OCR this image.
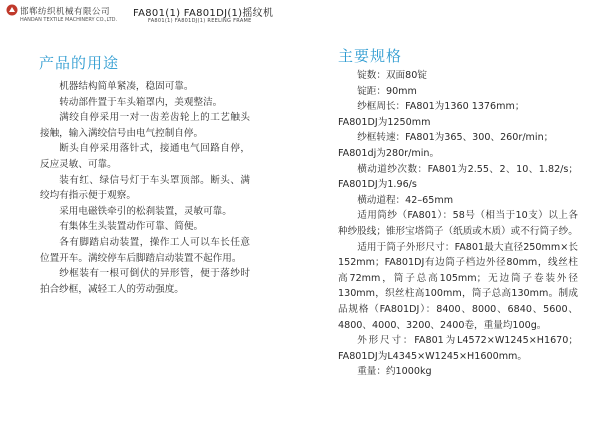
邯郸纺织机械有限公司
HANDAN TEXTILE MACHINERY CO.,LTD.
FA801(1) FA801DJ(1)摇纹机
FA801(1) FA801DJ(1) REELING FRAME
产品的用途

机器结构简单紧凑，稳固可靠。

转动部件置于车头箱罩内，美观整洁。

满绞自停采用一对一齿差齿轮上的工艺触头接触，输入满绞信号由电气控制自停。

断头自停采用落针式，接通电气回路自停，反应灵敏、可靠。

装有红、绿信号灯于车头罩顶部。断头、满绞均有指示便于观察。

采用电磁铁牵引的松刹装置，灵敏可靠。

有集体生头装置动作可靠、简便。

各有脚踏启动装置，操作工人可以车长任意位置开车。满绞停车后脚踏启动装置不起作用。

纱框装有一根可倒伏的异形管，便于落纱时拍合纱框，减轻工人的劳动强度。

主要规格

锭数：双面80锭

锭距：90mm

纱框周长：FA801为1360 1376mm；

FA801DJ为1250mm

纱框转速：FA801为365、300、260r/min；

FA801dj为280r/min。

横动道纱次数：FA801为2.55、2、10、1.82/s；FA801DJ为1.96/s

横动道程：42–65mm

适用筒纱（FA801）：58号（相当于10支）以上各种纱股线；锥形宝塔筒子（纸质或木质）或不行筒子纱。

适用于筒子外形尺寸：FA801最大直径250mm×长152mm；FA801DJ有边筒子档边外径80mm，线丝柱高72mm，筒子总高105mm；无边筒子卷装外径130mm，织丝柱高100mm，筒子总高130mm。制成品规格（FA801DJ）：8400、8000、6840、5600、4800、4000、3200、2400卷，重量均100g。

外形尺寸：FA801为L4572×W1245×H1670；FA801DJ为L4345×W1245×H1600mm。

重量：约1000kg
